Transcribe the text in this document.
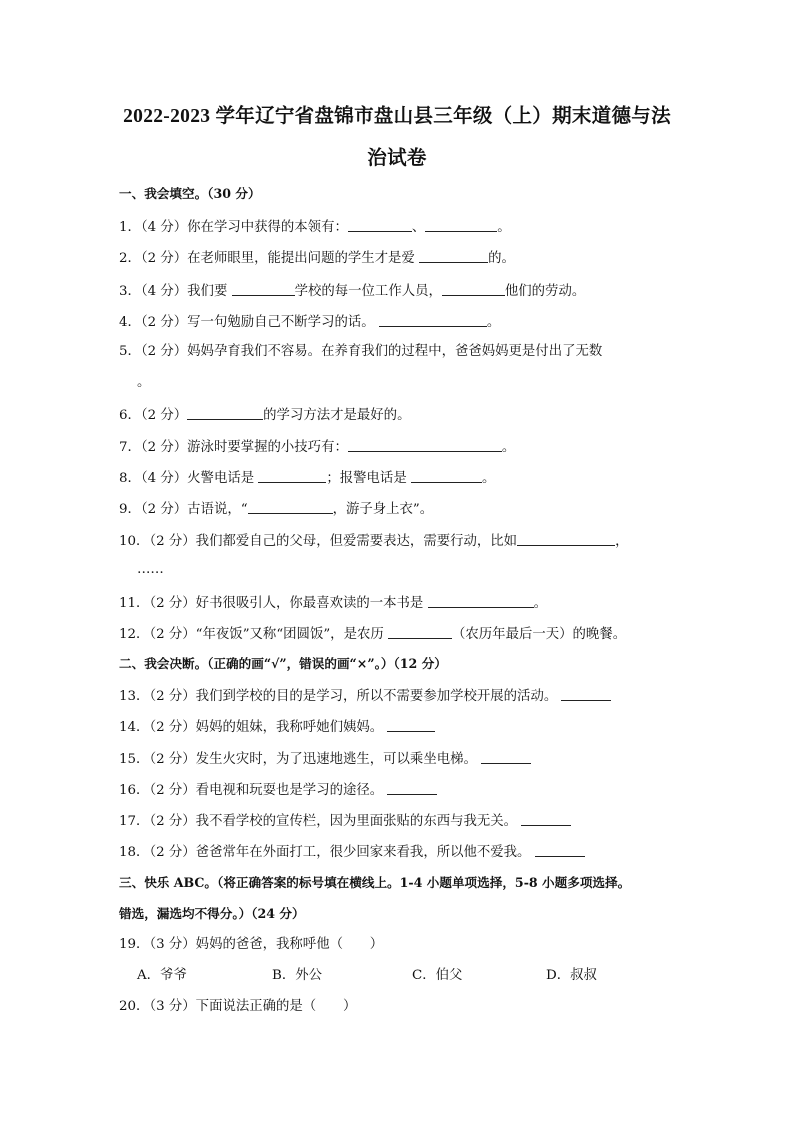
2022-2023 学年辽宁省盘锦市盘山县三年级（上）期末道德与法
治试卷
一、我会填空。（30 分）
1．（4 分）你在学习中获得的本领有：	、	。
2．（2 分）在老师眼里，能提出问题的学生才是爱	的。
3．（4 分）我们要	学校的每一位工作人员，	他们的劳动。
4．（2 分）写一句勉励自己不断学习的话。	。
5．（2 分）妈妈孕育我们不容易。在养育我们的过程中，爸爸妈妈更是付出了无数
。
6．（2 分）	的学习方法才是最好的。
7．（2 分）游泳时要掌握的小技巧有：	。
8．（4 分）火警电话是	；报警电话是	。
9．（2 分）古语说，“	，游子身上衣”。
10．（2 分）我们都爱自己的父母，但爱需要表达，需要行动，比如	，
……
11．（2 分）好书很吸引人，你最喜欢读的一本书是	。
12．（2 分）“年夜饭”又称“团圆饭”，是农历	（农历年最后一天）的晚餐。
二、我会决断。（正确的画“√”，错误的画“×”。）（12 分）
13．（2 分）我们到学校的目的是学习，所以不需要参加学校开展的活动。
14．（2 分）妈妈的姐妹，我称呼她们姨妈。
15．（2 分）发生火灾时，为了迅速地逃生，可以乘坐电梯。
16．（2 分）看电视和玩耍也是学习的途径。
17．（2 分）我不看学校的宣传栏，因为里面张贴的东西与我无关。
18．（2 分）爸爸常年在外面打工，很少回家来看我，所以他不爱我。
三、快乐 ABC。（将正确答案的标号填在横线上。1-4 小题单项选择，5-8 小题多项选择。
错选，漏选均不得分。）（24 分）
19．（3 分）妈妈的爸爸，我称呼他（　　）
A．爷爷	B．外公	C．伯父	D．叔叔
20．（3 分）下面说法正确的是（　　）
